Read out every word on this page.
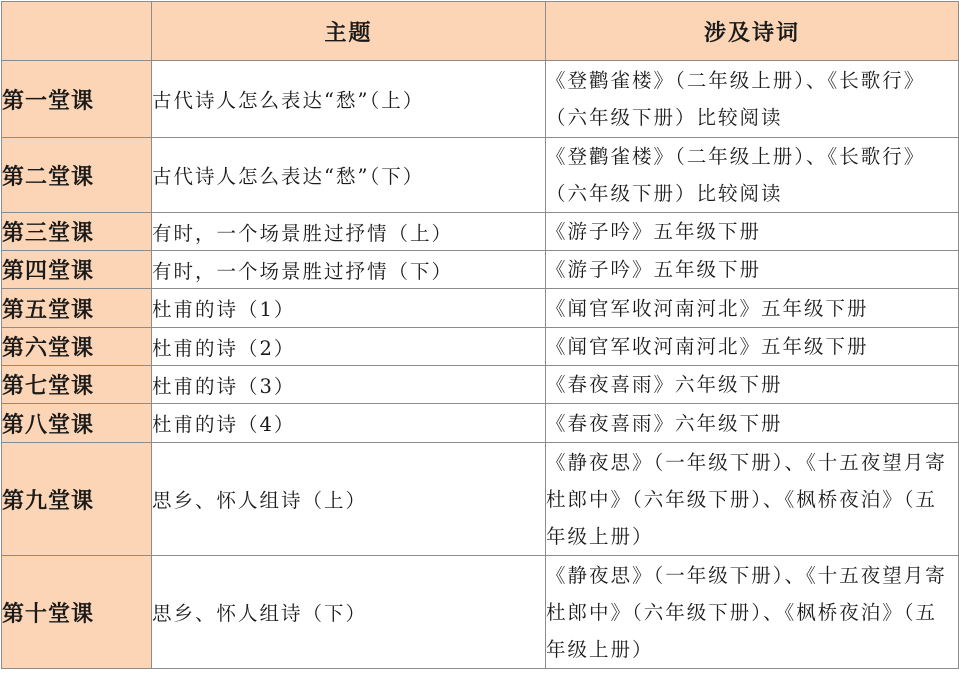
	主题	涉及诗词
第一堂课	古代诗人怎么表达“愁”（上）	《登鹳雀楼》（二年级上册）、《长歌行》（六年级下册）比较阅读
第二堂课	古代诗人怎么表达“愁”（下）	《登鹳雀楼》（二年级上册）、《长歌行》（六年级下册）比较阅读
第三堂课	有时，一个场景胜过抒情（上）	《游子吟》五年级下册
第四堂课	有时，一个场景胜过抒情（下）	《游子吟》五年级下册
第五堂课	杜甫的诗（1）	《闻官军收河南河北》五年级下册
第六堂课	杜甫的诗（2）	《闻官军收河南河北》五年级下册
第七堂课	杜甫的诗（3）	《春夜喜雨》六年级下册
第八堂课	杜甫的诗（4）	《春夜喜雨》六年级下册
第九堂课	思乡、怀人组诗（上）	《静夜思》（一年级下册）、《十五夜望月寄杜郎中》（六年级下册）、《枫桥夜泊》（五年级上册）
第十堂课	思乡、怀人组诗（下）	《静夜思》（一年级下册）、《十五夜望月寄杜郎中》（六年级下册）、《枫桥夜泊》（五年级上册）
